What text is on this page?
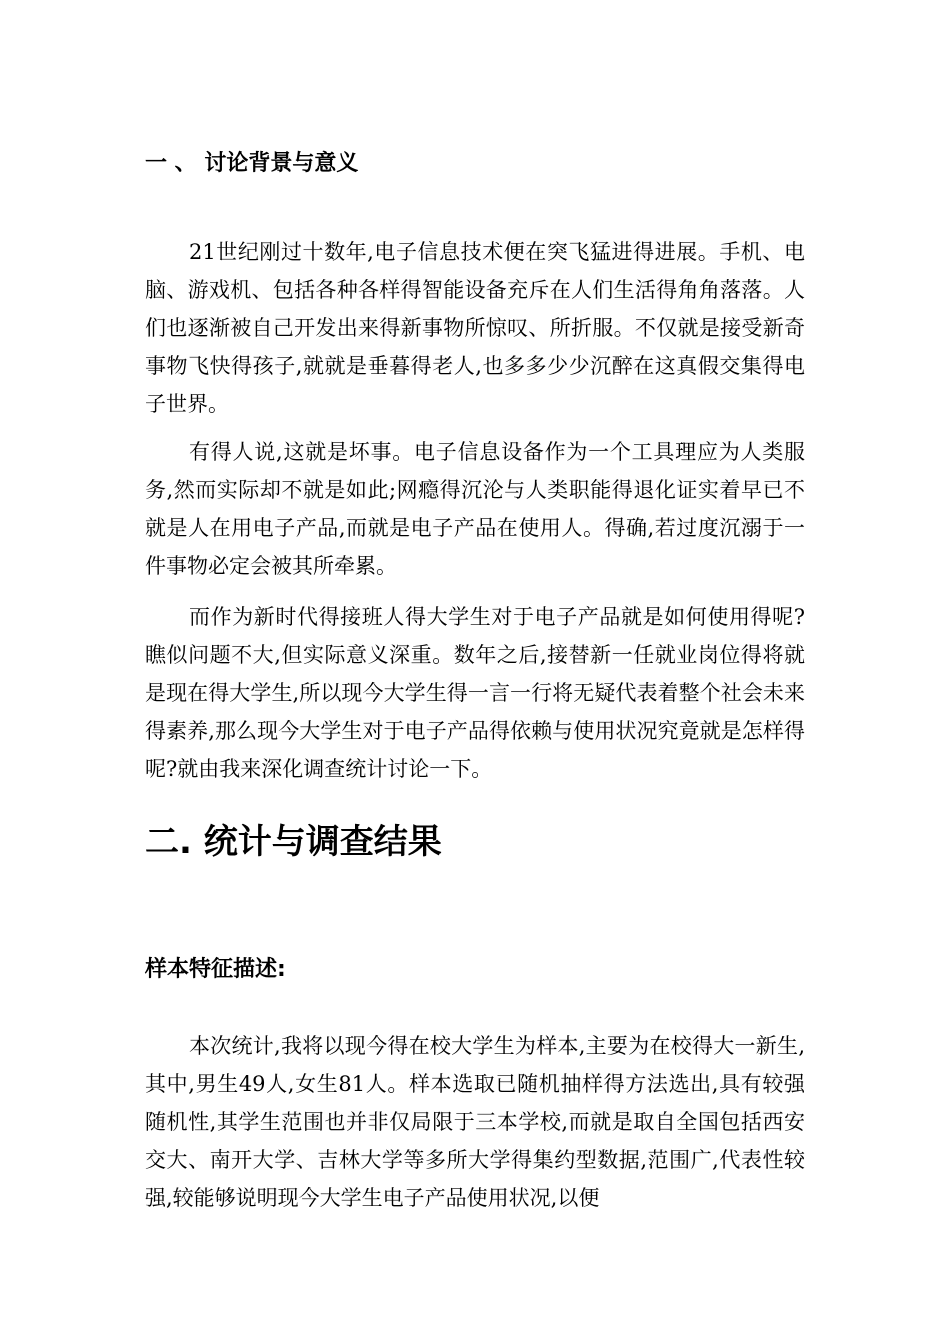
一 、 讨论背景与意义

21世纪刚过十数年,电子信息技术便在突飞猛进得进展。手机、电脑、游戏机、包括各种各样得智能设备充斥在人们生活得角角落落。人们也逐渐被自己开发出来得新事物所惊叹、所折服。不仅就是接受新奇事物飞快得孩子,就就是垂暮得老人,也多多少少沉醉在这真假交集得电子世界。

有得人说,这就是坏事。电子信息设备作为一个工具理应为人类服务,然而实际却不就是如此;网瘾得沉沦与人类职能得退化证实着早已不就是人在用电子产品,而就是电子产品在使用人。得确,若过度沉溺于一件事物必定会被其所牵累。

而作为新时代得接班人得大学生对于电子产品就是如何使用得呢?瞧似问题不大,但实际意义深重。数年之后,接替新一任就业岗位得将就是现在得大学生,所以现今大学生得一言一行将无疑代表着整个社会未来得素养,那么现今大学生对于电子产品得依赖与使用状况究竟就是怎样得呢?就由我来深化调查统计讨论一下。

二. 统计与调查结果
样本特征描述:

本次统计,我将以现今得在校大学生为样本,主要为在校得大一新生,其中,男生49人,女生81人。样本选取已随机抽样得方法选出,具有较强随机性,其学生范围也并非仅局限于三本学校,而就是取自全国包括西安交大、南开大学、吉林大学等多所大学得集约型数据,范围广,代表性较强,较能够说明现今大学生电子产品使用状况,以便
